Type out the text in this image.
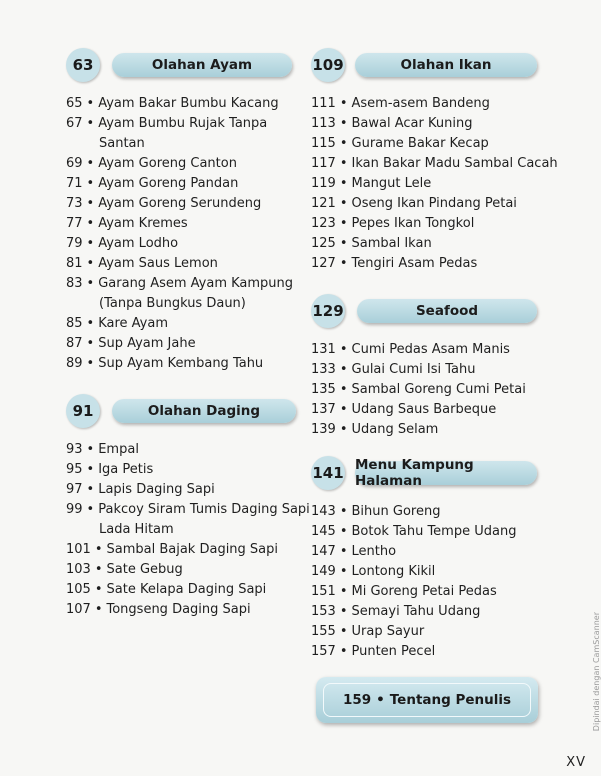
63	Olahan Ayam
65 • Ayam Bakar Bumbu Kacang
67 • Ayam Bumbu Rujak Tanpa
Santan
69 • Ayam Goreng Canton
71 • Ayam Goreng Pandan
73 • Ayam Goreng Serundeng
77 • Ayam Kremes
79 • Ayam Lodho
81 • Ayam Saus Lemon
83 • Garang Asem Ayam Kampung
(Tanpa Bungkus Daun)
85 • Kare Ayam
87 • Sup Ayam Jahe
89 • Sup Ayam Kembang Tahu
91	Olahan Daging
93 • Empal
95 • Iga Petis
97 • Lapis Daging Sapi
99 • Pakcoy Siram Tumis Daging Sapi
Lada Hitam
101 • Sambal Bajak Daging Sapi
103 • Sate Gebug
105 • Sate Kelapa Daging Sapi
107 • Tongseng Daging Sapi
109	Olahan Ikan
111 • Asem-asem Bandeng
113 • Bawal Acar Kuning
115 • Gurame Bakar Kecap
117 • Ikan Bakar Madu Sambal Cacah
119 • Mangut Lele
121 • Oseng Ikan Pindang Petai
123 • Pepes Ikan Tongkol
125 • Sambal Ikan
127 • Tengiri Asam Pedas
129	Seafood
131 • Cumi Pedas Asam Manis
133 • Gulai Cumi Isi Tahu
135 • Sambal Goreng Cumi Petai
137 • Udang Saus Barbeque
139 • Udang Selam
141 Menu Kampung Halaman
143 • Bihun Goreng
145 • Botok Tahu Tempe Udang
147 • Lentho
149 • Lontong Kikil
151 • Mi Goreng Petai Pedas
153 • Semayi Tahu Udang
155 • Urap Sayur
157 • Punten Pecel
159 • Tentang Penulis	Dipindai dengan CamScanner
XV
